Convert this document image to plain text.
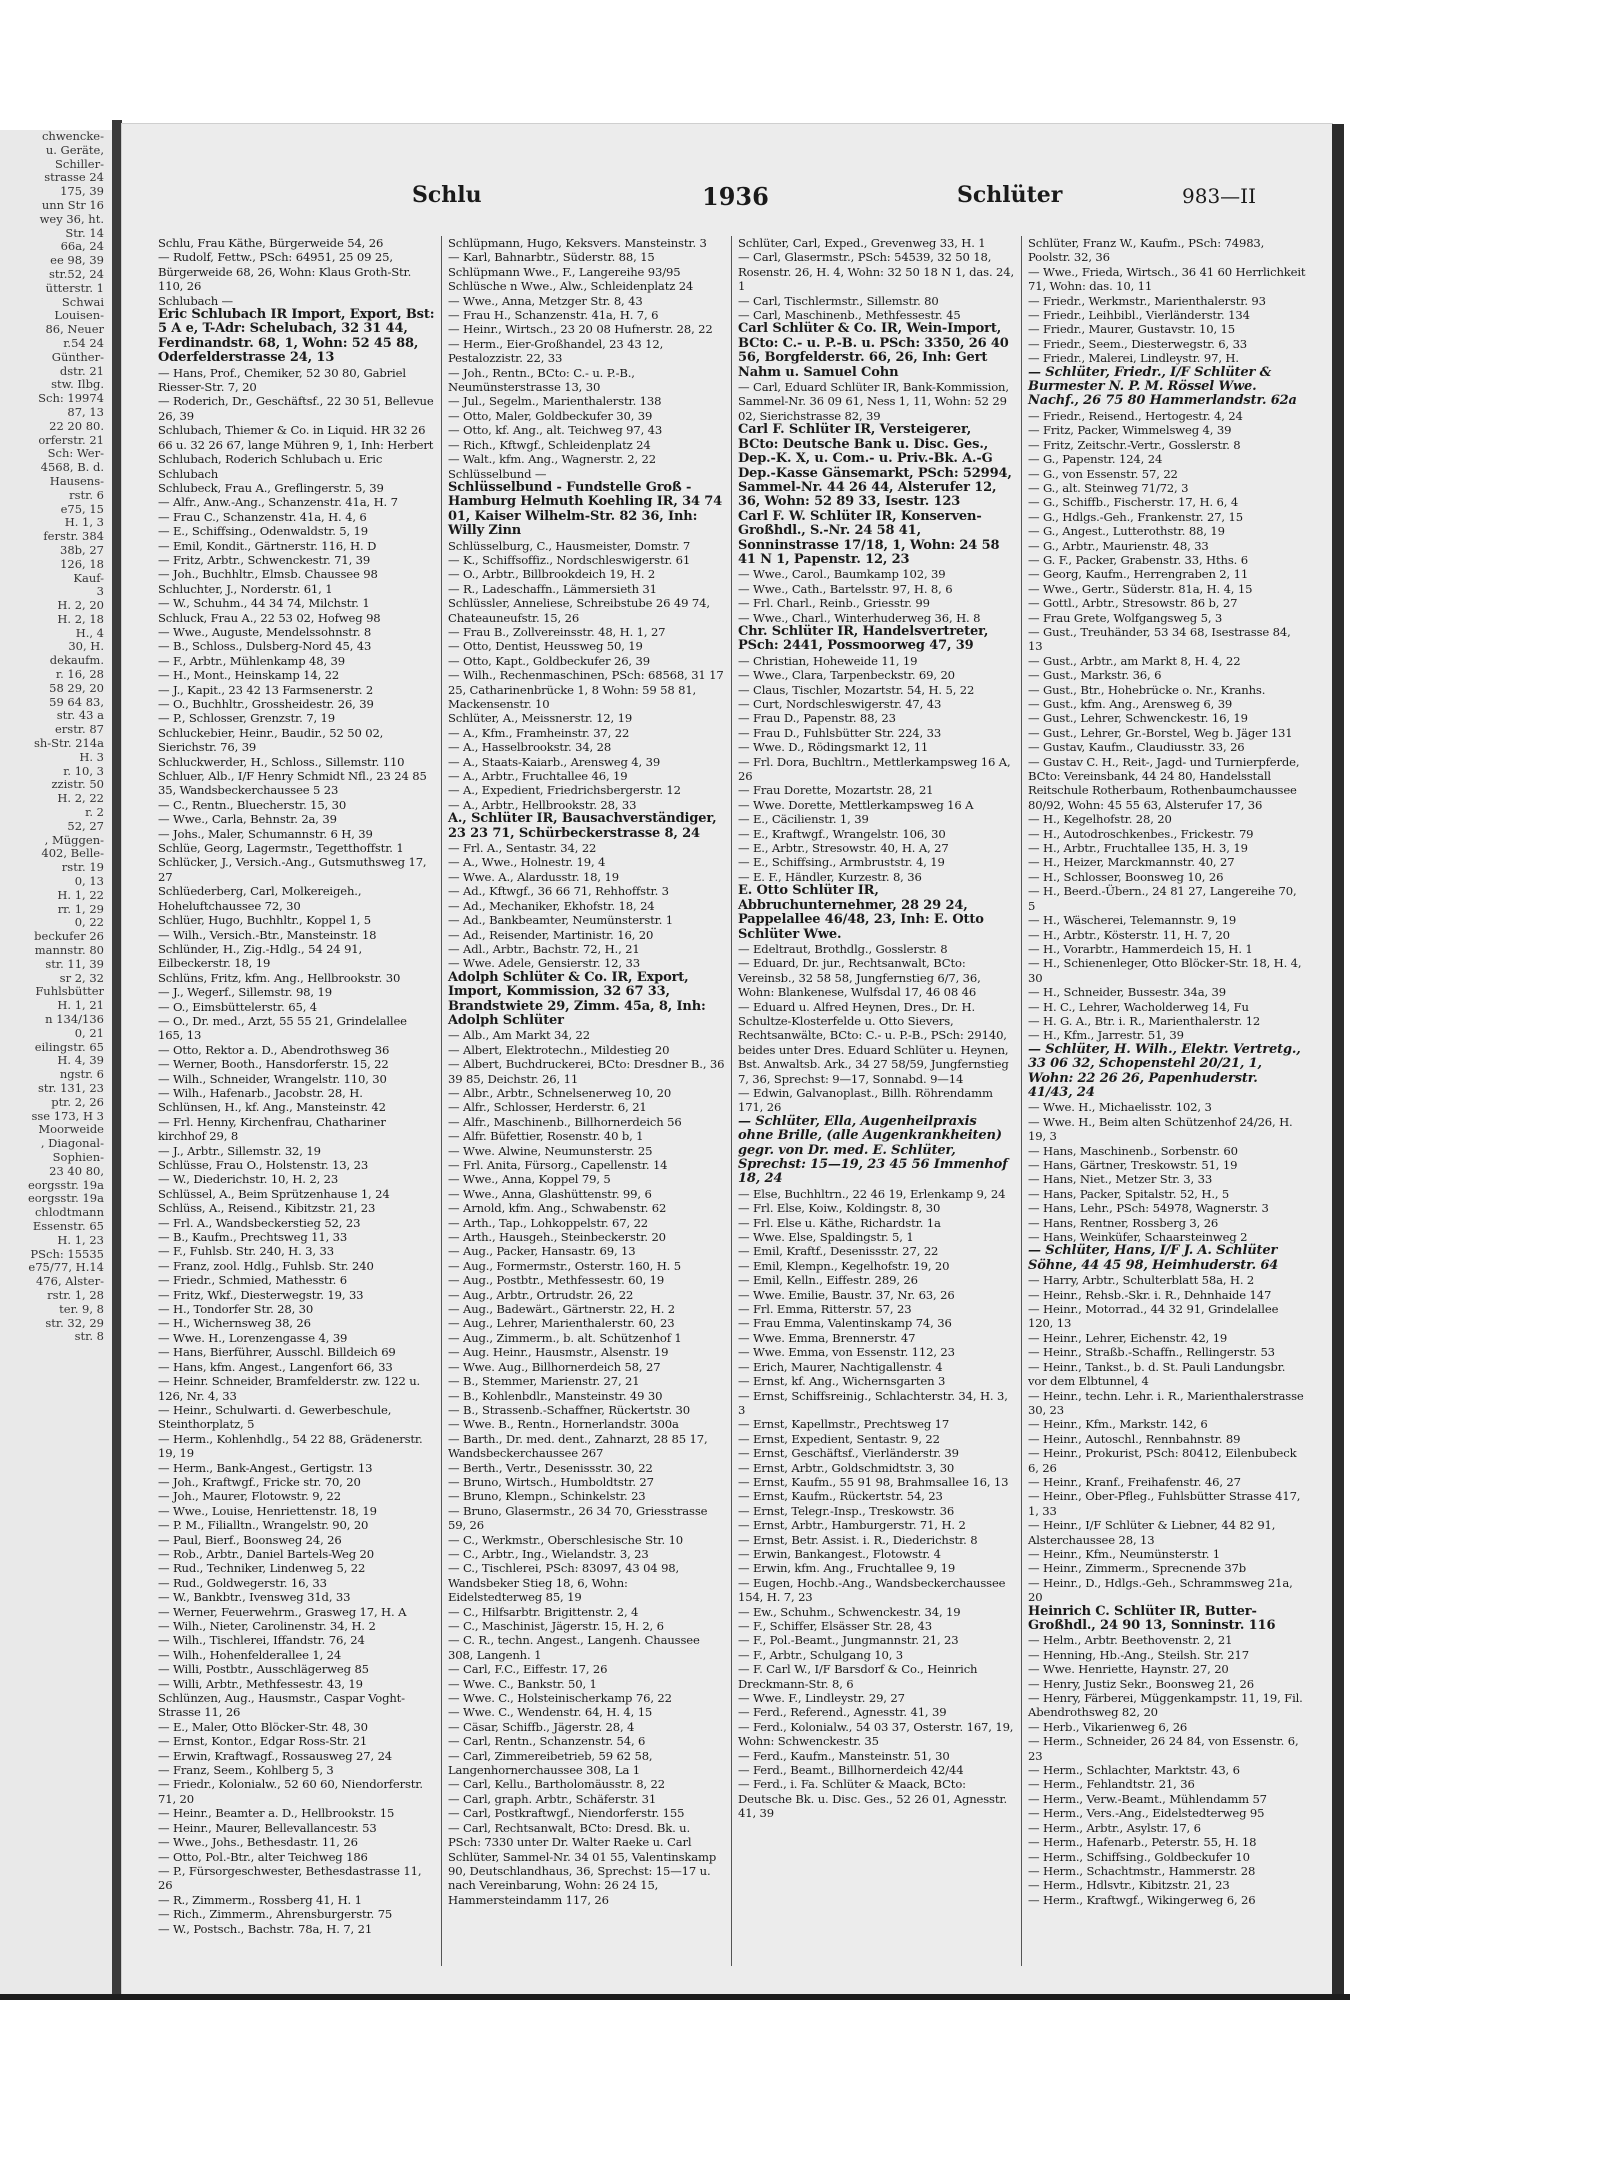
chwencke-
u. Geräte,
Schiller-
strasse 24
175, 39
unn Str 16
wey 36, ht.
Str. 14
66a, 24
ee 98, 39
str.52, 24
ütterstr. 1
Schwai
Louisen-
86, Neuer
r.54 24
Günther-
dstr. 21
stw. Ilbg.
Sch: 19974
87, 13
22 20 80.
orferstr. 21
Sch: Wer-
4568, B. d.
Hausens-
rstr. 6
e75, 15
H. 1, 3
ferstr. 384
38b, 27
126, 18
Kauf-
3
H. 2, 20
H. 2, 18
H., 4
30, H.
dekaufm.
r. 16, 28
58 29, 20
59 64 83,
str. 43 a
erstr. 87
sh-Str. 214a
H. 3
r. 10, 3
zzistr. 50
H. 2, 22
r. 2
52, 27
, Müggen-
402, Belle-
rstr. 19
0, 13
H. 1, 22
rr. 1, 29
0, 22
beckufer 26
mannstr. 80
str. 11, 39
sr 2, 32
Fuhlsbütter
H. 1, 21
n 134/136
0, 21
eilingstr. 65
H. 4, 39
ngstr. 6
str. 131, 23
ptr. 2, 26
sse 173, H 3
Moorweide
, Diagonal-
Sophien-
23 40 80,
eorgsstr. 19a
eorgsstr. 19a
chlodtmann
Essenstr. 65
H. 1, 23
PSch: 15535
e75/77, H.14
476, Alster-
rstr. 1, 28
ter. 9, 8
str. 32, 29
str. 8
Schlu	1936	Schlüter	983—II

Schlu, Frau Käthe, Bürgerweide 54, 26

— Rudolf, Fettw., PSch: 64951, 25 09 25, Bürgerweide 68, 26, Wohn: Klaus Groth-Str. 110, 26

Schlubach —

Eric Schlubach IR Import, Export, Bst: 5 A e, T-Adr: Schelubach, 32 31 44, Ferdinandstr. 68, 1, Wohn: 52 45 88, Oderfelderstrasse 24, 13

— Hans, Prof., Chemiker, 52 30 80, Gabriel Riesser-Str. 7, 20

— Roderich, Dr., Geschäftsf., 22 30 51, Bellevue 26, 39

Schlubach, Thiemer & Co. in Liquid. HR 32 26 66 u. 32 26 67, lange Mühren 9, 1, Inh: Herbert Schlubach, Roderich Schlubach u. Eric Schlubach

Schlubeck, Frau A., Greflingerstr. 5, 39

— Alfr., Anw.-Ang., Schanzenstr. 41a, H. 7

— Frau C., Schanzenstr. 41a, H. 4, 6

— E., Schiffsing., Odenwaldstr. 5, 19

— Emil, Kondit., Gärtnerstr. 116, H. D

— Fritz, Arbtr., Schwenckestr. 71, 39

— Joh., Buchhltr., Elmsb. Chaussee 98

Schluchter, J., Norderstr. 61, 1

— W., Schuhm., 44 34 74, Milchstr. 1

Schluck, Frau A., 22 53 02, Hofweg 98

— Wwe., Auguste, Mendelssohnstr. 8

— B., Schloss., Dulsberg-Nord 45, 43

— F., Arbtr., Mühlenkamp 48, 39

— H., Mont., Heinskamp 14, 22

— J., Kapit., 23 42 13 Farmsenerstr. 2

— O., Buchhltr., Grossheidestr. 26, 39

— P., Schlosser, Grenzstr. 7, 19

Schluckebier, Heinr., Baudir., 52 50 02, Sierichstr. 76, 39

Schluckwerder, H., Schloss., Sillemstr. 110

Schluer, Alb., I/F Henry Schmidt Nfl., 23 24 85 35, Wandsbeckerchaussee 5 23

— C., Rentn., Bluecherstr. 15, 30

— Wwe., Carla, Behnstr. 2a, 39

— Johs., Maler, Schumannstr. 6 H, 39

Schlüe, Georg, Lagermstr., Tegetthoffstr. 1

Schlücker, J., Versich.-Ang., Gutsmuthsweg 17, 27

Schlüederberg, Carl, Molkereigeh., Hoheluftchaussee 72, 30

Schlüer, Hugo, Buchhltr., Koppel 1, 5

— Wilh., Versich.-Btr., Mansteinstr. 18

Schlünder, H., Zig.-Hdlg., 54 24 91, Eilbeckerstr. 18, 19

Schlüns, Fritz, kfm. Ang., Hellbrookstr. 30

— J., Wegerf., Sillemstr. 98, 19

— O., Eimsbüttelerstr. 65, 4

— O., Dr. med., Arzt, 55 55 21, Grindelallee 165, 13

— Otto, Rektor a. D., Abendrothsweg 36

— Werner, Booth., Hansdorferstr. 15, 22

— Wilh., Schneider, Wrangelstr. 110, 30

— Wilh., Hafenarb., Jacobstr. 28, H.

Schlünsen, H., kf. Ang., Mansteinstr. 42

— Frl. Henny, Kirchenfrau, Chathariner kirchhof 29, 8

— J., Arbtr., Sillemstr. 32, 19

Schlüsse, Frau O., Holstenstr. 13, 23

— W., Diederichstr. 10, H. 2, 23

Schlüssel, A., Beim Sprützenhause 1, 24

Schlüss, A., Reisend., Kibitzstr. 21, 23

— Frl. A., Wandsbeckerstieg 52, 23

— B., Kaufm., Prechtsweg 11, 33

— F., Fuhlsb. Str. 240, H. 3, 33

— Franz, zool. Hdlg., Fuhlsb. Str. 240

— Friedr., Schmied, Mathesstr. 6

— Fritz, Wkf., Diesterwegstr. 19, 33

— H., Tondorfer Str. 28, 30

— H., Wichernsweg 38, 26

— Wwe. H., Lorenzengasse 4, 39

— Hans, Bierführer, Ausschl. Billdeich 69

— Hans, kfm. Angest., Langenfort 66, 33

— Heinr. Schneider, Bramfelderstr. zw. 122 u. 126, Nr. 4, 33

— Heinr., Schulwarti. d. Gewerbeschule, Steinthorplatz, 5

— Herm., Kohlenhdlg., 54 22 88, Grädenerstr. 19, 19

— Herm., Bank-Angest., Gertigstr. 13

— Joh., Kraftwgf., Fricke str. 70, 20

— Joh., Maurer, Flotowstr. 9, 22

— Wwe., Louise, Henriettenstr. 18, 19

— P. M., Filialltn., Wrangelstr. 90, 20

— Paul, Bierf., Boonsweg 24, 26

— Rob., Arbtr., Daniel Bartels-Weg 20

— Rud., Techniker, Lindenweg 5, 22

— Rud., Goldwegerstr. 16, 33

— W., Bankbtr., Ivensweg 31d, 33

— Werner, Feuerwehrm., Grasweg 17, H. A

— Wilh., Nieter, Carolinenstr. 34, H. 2

— Wilh., Tischlerei, Iffandstr. 76, 24

— Wilh., Hohenfelderallee 1, 24

— Willi, Postbtr., Ausschlägerweg 85

— Willi, Arbtr., Methfessestr. 43, 19

Schlünzen, Aug., Hausmstr., Caspar Voght-Strasse 11, 26

— E., Maler, Otto Blöcker-Str. 48, 30

— Ernst, Kontor., Edgar Ross-Str. 21

— Erwin, Kraftwagf., Rossausweg 27, 24

— Franz, Seem., Kohlberg 5, 3

— Friedr., Kolonialw., 52 60 60, Niendorferstr. 71, 20

— Heinr., Beamter a. D., Hellbrookstr. 15

— Heinr., Maurer, Bellevallancestr. 53

— Wwe., Johs., Bethesdastr. 11, 26

— Otto, Pol.-Btr., alter Teichweg 186

— P., Fürsorgeschwester, Bethesdastrasse 11, 26

— R., Zimmerm., Rossberg 41, H. 1

— Rich., Zimmerm., Ahrensburgerstr. 75

— W., Postsch., Bachstr. 78a, H. 7, 21

Schlüpmann, Hugo, Keksvers. Mansteinstr. 3

— Karl, Bahnarbtr., Süderstr. 88, 15

Schlüpmann Wwe., F., Langereihe 93/95

Schlüsche n Wwe., Alw., Schleidenplatz 24

— Wwe., Anna, Metzger Str. 8, 43

— Frau H., Schanzenstr. 41a, H. 7, 6

— Heinr., Wirtsch., 23 20 08 Hufnerstr. 28, 22

— Herm., Eier-Großhandel, 23 43 12, Pestalozzistr. 22, 33

— Joh., Rentn., BCto: C.- u. P.-B., Neumünsterstrasse 13, 30

— Jul., Segelm., Marienthalerstr. 138

— Otto, Maler, Goldbeckufer 30, 39

— Otto, kf. Ang., alt. Teichweg 97, 43

— Rich., Kftwgf., Schleidenplatz 24

— Walt., kfm. Ang., Wagnerstr. 2, 22

Schlüsselbund —

Schlüsselbund - Fundstelle Groß - Hamburg Helmuth Koehling IR, 34 74 01, Kaiser Wilhelm-Str. 82 36, Inh: Willy Zinn

Schlüsselburg, C., Hausmeister, Domstr. 7

— K., Schiffsoffiz., Nordschleswigerstr. 61

— O., Arbtr., Billbrookdeich 19, H. 2

— R., Ladeschaffn., Lämmersieth 31

Schlüssler, Anneliese, Schreibstube 26 49 74, Chateauneufstr. 15, 26

— Frau B., Zollvereinsstr. 48, H. 1, 27

— Otto, Dentist, Heussweg 50, 19

— Otto, Kapt., Goldbeckufer 26, 39

— Wilh., Rechenmaschinen, PSch: 68568, 31 17 25, Catharinenbrücke 1, 8 Wohn: 59 58 81, Mackensenstr. 10

Schlüter, A., Meissnerstr. 12, 19

— A., Kfm., Framheinstr. 37, 22

— A., Hasselbrookstr. 34, 28

— A., Staats-Kaiarb., Arensweg 4, 39

— A., Arbtr., Fruchtallee 46, 19

— A., Expedient, Friedrichsbergerstr. 12

— A., Arbtr., Hellbrookstr. 28, 33

A., Schlüter IR, Bausachverständiger, 23 23 71, Schürbeckerstrasse 8, 24

— Frl. A., Sentastr. 34, 22

— A., Wwe., Holnestr. 19, 4

— Wwe. A., Alardusstr. 18, 19

— Ad., Kftwgf., 36 66 71, Rehhoffstr. 3

— Ad., Mechaniker, Ekhofstr. 18, 24

— Ad., Bankbeamter, Neumünsterstr. 1

— Ad., Reisender, Martinistr. 16, 20

— Adl., Arbtr., Bachstr. 72, H., 21

— Wwe. Adele, Gensierstr. 12, 33

Adolph Schlüter & Co. IR, Export, Import, Kommission, 32 67 33, Brandstwiete 29, Zimm. 45a, 8, Inh: Adolph Schlüter

— Alb., Am Markt 34, 22

— Albert, Elektrotechn., Mildestieg 20

— Albert, Buchdruckerei, BCto: Dresdner B., 36 39 85, Deichstr. 26, 11

— Albr., Arbtr., Schnelsenerweg 10, 20

— Alfr., Schlosser, Herderstr. 6, 21

— Alfr., Maschinenb., Billhornerdeich 56

— Alfr. Büfettier, Rosenstr. 40 b, 1

— Wwe. Alwine, Neumunsterstr. 25

— Frl. Anita, Fürsorg., Capellenstr. 14

— Wwe., Anna, Koppel 79, 5

— Wwe., Anna, Glashüttenstr. 99, 6

— Arnold, kfm. Ang., Schwabenstr. 62

— Arth., Tap., Lohkoppelstr. 67, 22

— Arth., Hausgeh., Steinbeckerstr. 20

— Aug., Packer, Hansastr. 69, 13

— Aug., Formermstr., Osterstr. 160, H. 5

— Aug., Postbtr., Methfessestr. 60, 19

— Aug., Arbtr., Ortrudstr. 26, 22

— Aug., Badewärt., Gärtnerstr. 22, H. 2

— Aug., Lehrer, Marienthalerstr. 60, 23

— Aug., Zimmerm., b. alt. Schützenhof 1

— Aug. Heinr., Hausmstr., Alsenstr. 19

— Wwe. Aug., Billhornerdeich 58, 27

— B., Stemmer, Marienstr. 27, 21

— B., Kohlenbdlr., Mansteinstr. 49 30

— B., Strassenb.-Schaffner, Rückertstr. 30

— Wwe. B., Rentn., Hornerlandstr. 300a

— Barth., Dr. med. dent., Zahnarzt, 28 85 17, Wandsbeckerchaussee 267

— Berth., Vertr., Desenissstr. 30, 22

— Bruno, Wirtsch., Humboldtstr. 27

— Bruno, Klempn., Schinkelstr. 23

— Bruno, Glasermstr., 26 34 70, Griesstrasse 59, 26

— C., Werkmstr., Oberschlesische Str. 10

— C., Arbtr., Ing., Wielandstr. 3, 23

— C., Tischlerei, PSch: 83097, 43 04 98, Wandsbeker Stieg 18, 6, Wohn: Eidelstedterweg 85, 19

— C., Hilfsarbtr. Brigittenstr. 2, 4

— C., Maschinist, Jägerstr. 15, H. 2, 6

— C. R., techn. Angest., Langenh. Chaussee 308, Langenh. 1

— Carl, F.C., Eiffestr. 17, 26

— Wwe. C., Bankstr. 50, 1

— Wwe. C., Holsteinischerkamp 76, 22

— Wwe. C., Wendenstr. 64, H. 4, 15

— Cäsar, Schiffb., Jägerstr. 28, 4

— Carl, Rentn., Schanzenstr. 54, 6

— Carl, Zimmereibetrieb, 59 62 58, Langenhornerchaussee 308, La 1

— Carl, Kellu., Bartholomäusstr. 8, 22

— Carl, graph. Arbtr., Schäferstr. 31

— Carl, Postkraftwgf., Niendorferstr. 155

— Carl, Rechtsanwalt, BCto: Dresd. Bk. u. PSch: 7330 unter Dr. Walter Raeke u. Carl Schlüter, Sammel-Nr. 34 01 55, Valentinskamp 90, Deutschlandhaus, 36, Sprechst: 15—17 u. nach Vereinbarung, Wohn: 26 24 15, Hammersteindamm 117, 26

Schlüter, Carl, Exped., Grevenweg 33, H. 1

— Carl, Glasermstr., PSch: 54539, 32 50 18, Rosenstr. 26, H. 4, Wohn: 32 50 18 N 1, das. 24, 1

— Carl, Tischlermstr., Sillemstr. 80

— Carl, Maschinenb., Methfessestr. 45

Carl Schlüter & Co. IR, Wein-Import, BCto: C.- u. P.-B. u. PSch: 3350, 26 40 56, Borgfelderstr. 66, 26, Inh: Gert Nahm u. Samuel Cohn

— Carl, Eduard Schlüter IR, Bank-Kommission, Sammel-Nr. 36 09 61, Ness 1, 11, Wohn: 52 29 02, Sierichstrasse 82, 39

Carl F. Schlüter IR, Versteigerer, BCto: Deutsche Bank u. Disc. Ges., Dep.-K. X, u. Com.- u. Priv.-Bk. A.-G Dep.-Kasse Gänsemarkt, PSch: 52994, Sammel-Nr. 44 26 44, Alsterufer 12, 36, Wohn: 52 89 33, Isestr. 123

Carl F. W. Schlüter IR, Konserven-Großhdl., S.-Nr. 24 58 41, Sonninstrasse 17/18, 1, Wohn: 24 58 41 N 1, Papenstr. 12, 23

— Wwe., Carol., Baumkamp 102, 39

— Wwe., Cath., Bartelsstr. 97, H. 8, 6

— Frl. Charl., Reinb., Griesstr. 99

— Wwe., Charl., Winterhuderweg 36, H. 8

Chr. Schlüter IR, Handelsvertreter, PSch: 2441, Possmoorweg 47, 39

— Christian, Hoheweide 11, 19

— Wwe., Clara, Tarpenbeckstr. 69, 20

— Claus, Tischler, Mozartstr. 54, H. 5, 22

— Curt, Nordschleswigerstr. 47, 43

— Frau D., Papenstr. 88, 23

— Frau D., Fuhlsbütter Str. 224, 33

— Wwe. D., Rödingsmarkt 12, 11

— Frl. Dora, Buchltrn., Mettlerkampsweg 16 A, 26

— Frau Dorette, Mozartstr. 28, 21

— Wwe. Dorette, Mettlerkampsweg 16 A

— E., Cäcilienstr. 1, 39

— E., Kraftwgf., Wrangelstr. 106, 30

— E., Arbtr., Stresowstr. 40, H. A, 27

— E., Schiffsing., Armbruststr. 4, 19

— E. F., Händler, Kurzestr. 8, 36

E. Otto Schlüter IR, Abbruchunternehmer, 28 29 24, Pappelallee 46/48, 23, Inh: E. Otto Schlüter Wwe.

— Edeltraut, Brothdlg., Gosslerstr. 8

— Eduard, Dr. jur., Rechtsanwalt, BCto: Vereinsb., 32 58 58, Jungfernstieg 6/7, 36, Wohn: Blankenese, Wulfsdal 17, 46 08 46

— Eduard u. Alfred Heynen, Dres., Dr. H. Schultze-Klosterfelde u. Otto Sievers, Rechtsanwälte, BCto: C.- u. P.-B., PSch: 29140, beides unter Dres. Eduard Schlüter u. Heynen, Bst. Anwaltsb. Ark., 34 27 58/59, Jungfernstieg 7, 36, Sprechst: 9—17, Sonnabd. 9—14

— Edwin, Galvanoplast., Billh. Röhrendamm 171, 26

— Schlüter, Ella, Augenheilpraxis ohne Brille, (alle Augenkrankheiten) gegr. von Dr. med. E. Schlüter, Sprechst: 15—19, 23 45 56 Immenhof 18, 24

— Else, Buchhltrn., 22 46 19, Erlenkamp 9, 24

— Frl. Else, Koiw., Koldingstr. 8, 30

— Frl. Else u. Käthe, Richardstr. 1a

— Wwe. Else, Spaldingstr. 5, 1

— Emil, Kraftf., Desenissstr. 27, 22

— Emil, Klempn., Kegelhofstr. 19, 20

— Emil, Kelln., Eiffestr. 289, 26

— Wwe. Emilie, Baustr. 37, Nr. 63, 26

— Frl. Emma, Ritterstr. 57, 23

— Frau Emma, Valentinskamp 74, 36

— Wwe. Emma, Brennerstr. 47

— Wwe. Emma, von Essenstr. 112, 23

— Erich, Maurer, Nachtigallenstr. 4

— Ernst, kf. Ang., Wichernsgarten 3

— Ernst, Schiffsreinig., Schlachterstr. 34, H. 3, 3

— Ernst, Kapellmstr., Prechtsweg 17

— Ernst, Expedient, Sentastr. 9, 22

— Ernst, Geschäftsf., Vierländerstr. 39

— Ernst, Arbtr., Goldschmidtstr. 3, 30

— Ernst, Kaufm., 55 91 98, Brahmsallee 16, 13

— Ernst, Kaufm., Rückertstr. 54, 23

— Ernst, Telegr.-Insp., Treskowstr. 36

— Ernst, Arbtr., Hamburgerstr. 71, H. 2

— Ernst, Betr. Assist. i. R., Diederichstr. 8

— Erwin, Bankangest., Flotowstr. 4

— Erwin, kfm. Ang., Fruchtallee 9, 19

— Eugen, Hochb.-Ang., Wandsbeckerchaussee 154, H. 7, 23

— Ew., Schuhm., Schwenckestr. 34, 19

— F., Schiffer, Elsässer Str. 28, 43

— F., Pol.-Beamt., Jungmannstr. 21, 23

— F., Arbtr., Schulgang 10, 3

— F. Carl W., I/F Barsdorf & Co., Heinrich Dreckmann-Str. 8, 6

— Wwe. F., Lindleystr. 29, 27

— Ferd., Referend., Agnesstr. 41, 39

— Ferd., Kolonialw., 54 03 37, Osterstr. 167, 19, Wohn: Schwenckestr. 35

— Ferd., Kaufm., Mansteinstr. 51, 30

— Ferd., Beamt., Billhornerdeich 42/44

— Ferd., i. Fa. Schlüter & Maack, BCto: Deutsche Bk. u. Disc. Ges., 52 26 01, Agnesstr. 41, 39

Schlüter, Franz W., Kaufm., PSch: 74983, Poolstr. 32, 36

— Wwe., Frieda, Wirtsch., 36 41 60 Herrlichkeit 71, Wohn: das. 10, 11

— Friedr., Werkmstr., Marienthalerstr. 93

— Friedr., Leihbibl., Vierländerstr. 134

— Friedr., Maurer, Gustavstr. 10, 15

— Friedr., Seem., Diesterwegstr. 6, 33

— Friedr., Malerei, Lindleystr. 97, H.

— Schlüter, Friedr., I/F Schlüter & Burmester N. P. M. Rössel Wwe. Nachf., 26 75 80 Hammerlandstr. 62a

— Friedr., Reisend., Hertogestr. 4, 24

— Fritz, Packer, Wimmelsweg 4, 39

— Fritz, Zeitschr.-Vertr., Gosslerstr. 8

— G., Papenstr. 124, 24

— G., von Essenstr. 57, 22

— G., alt. Steinweg 71/72, 3

— G., Schiffb., Fischerstr. 17, H. 6, 4

— G., Hdlgs.-Geh., Frankenstr. 27, 15

— G., Angest., Lutterothstr. 88, 19

— G., Arbtr., Maurienstr. 48, 33

— G. F., Packer, Grabenstr. 33, Hths. 6

— Georg, Kaufm., Herrengraben 2, 11

— Wwe., Gertr., Süderstr. 81a, H. 4, 15

— Gottl., Arbtr., Stresowstr. 86 b, 27

— Frau Grete, Wolfgangsweg 5, 3

— Gust., Treuhänder, 53 34 68, Isestrasse 84, 13

— Gust., Arbtr., am Markt 8, H. 4, 22

— Gust., Markstr. 36, 6

— Gust., Btr., Hohebrücke o. Nr., Kranhs.

— Gust., kfm. Ang., Arensweg 6, 39

— Gust., Lehrer, Schwenckestr. 16, 19

— Gust., Lehrer, Gr.-Borstel, Weg b. Jäger 131

— Gustav, Kaufm., Claudiusstr. 33, 26

— Gustav C. H., Reit-, Jagd- und Turnierpferde, BCto: Vereinsbank, 44 24 80, Handelsstall Reitschule Rotherbaum, Rothenbaumchaussee 80/92, Wohn: 45 55 63, Alsterufer 17, 36

— H., Kegelhofstr. 28, 20

— H., Autodroschkenbes., Frickestr. 79

— H., Arbtr., Fruchtallee 135, H. 3, 19

— H., Heizer, Marckmannstr. 40, 27

— H., Schlosser, Boonsweg 10, 26

— H., Beerd.-Übern., 24 81 27, Langereihe 70, 5

— H., Wäscherei, Telemannstr. 9, 19

— H., Arbtr., Kösterstr. 11, H. 7, 20

— H., Vorarbtr., Hammerdeich 15, H. 1

— H., Schienenleger, Otto Blöcker-Str. 18, H. 4, 30

— H., Schneider, Bussestr. 34a, 39

— H. C., Lehrer, Wacholderweg 14, Fu

— H. G. A., Btr. i. R., Marienthalerstr. 12

— H., Kfm., Jarrestr. 51, 39

— Schlüter, H. Wilh., Elektr. Vertretg., 33 06 32, Schopenstehl 20/21, 1, Wohn: 22 26 26, Papenhuderstr. 41/43, 24

— Wwe. H., Michaelisstr. 102, 3

— Wwe. H., Beim alten Schützenhof 24/26, H. 19, 3

— Hans, Maschinenb., Sorbenstr. 60

— Hans, Gärtner, Treskowstr. 51, 19

— Hans, Niet., Metzer Str. 3, 33

— Hans, Packer, Spitalstr. 52, H., 5

— Hans, Lehr., PSch: 54978, Wagnerstr. 3

— Hans, Rentner, Rossberg 3, 26

— Hans, Weinküfer, Schaarsteinweg 2

— Schlüter, Hans, I/F J. A. Schlüter Söhne, 44 45 98, Heimhuderstr. 64

— Harry, Arbtr., Schulterblatt 58a, H. 2

— Heinr., Rehsb.-Skr. i. R., Dehnhaide 147

— Heinr., Motorrad., 44 32 91, Grindelallee 120, 13

— Heinr., Lehrer, Eichenstr. 42, 19

— Heinr., Straßb.-Schaffn., Rellingerstr. 53

— Heinr., Tankst., b. d. St. Pauli Landungsbr. vor dem Elbtunnel, 4

— Heinr., techn. Lehr. i. R., Marienthalerstrasse 30, 23

— Heinr., Kfm., Markstr. 142, 6

— Heinr., Autoschl., Rennbahnstr. 89

— Heinr., Prokurist, PSch: 80412, Eilenbubeck 6, 26

— Heinr., Kranf., Freihafenstr. 46, 27

— Heinr., Ober-Pfleg., Fuhlsbütter Strasse 417, 1, 33

— Heinr., I/F Schlüter & Liebner, 44 82 91, Alsterchaussee 28, 13

— Heinr., Kfm., Neumünsterstr. 1

— Heinr., Zimmerm., Sprecnende 37b

— Heinr., D., Hdlgs.-Geh., Schrammsweg 21a, 20

Heinrich C. Schlüter IR, Butter-Großhdl., 24 90 13, Sonninstr. 116

— Helm., Arbtr. Beethovenstr. 2, 21

— Henning, Hb.-Ang., Steilsh. Str. 217

— Wwe. Henriette, Haynstr. 27, 20

— Henry, Justiz Sekr., Boonsweg 21, 26

— Henry, Färberei, Müggenkampstr. 11, 19, Fil. Abendrothsweg 82, 20

— Herb., Vikarienweg 6, 26

— Herm., Schneider, 26 24 84, von Essenstr. 6, 23

— Herm., Schlachter, Marktstr. 43, 6

— Herm., Fehlandtstr. 21, 36

— Herm., Verw.-Beamt., Mühlendamm 57

— Herm., Vers.-Ang., Eidelstedterweg 95

— Herm., Arbtr., Asylstr. 17, 6

— Herm., Hafenarb., Peterstr. 55, H. 18

— Herm., Schiffsing., Goldbeckufer 10

— Herm., Schachtmstr., Hammerstr. 28

— Herm., Hdlsvtr., Kibitzstr. 21, 23

— Herm., Kraftwgf., Wikingerweg 6, 26
